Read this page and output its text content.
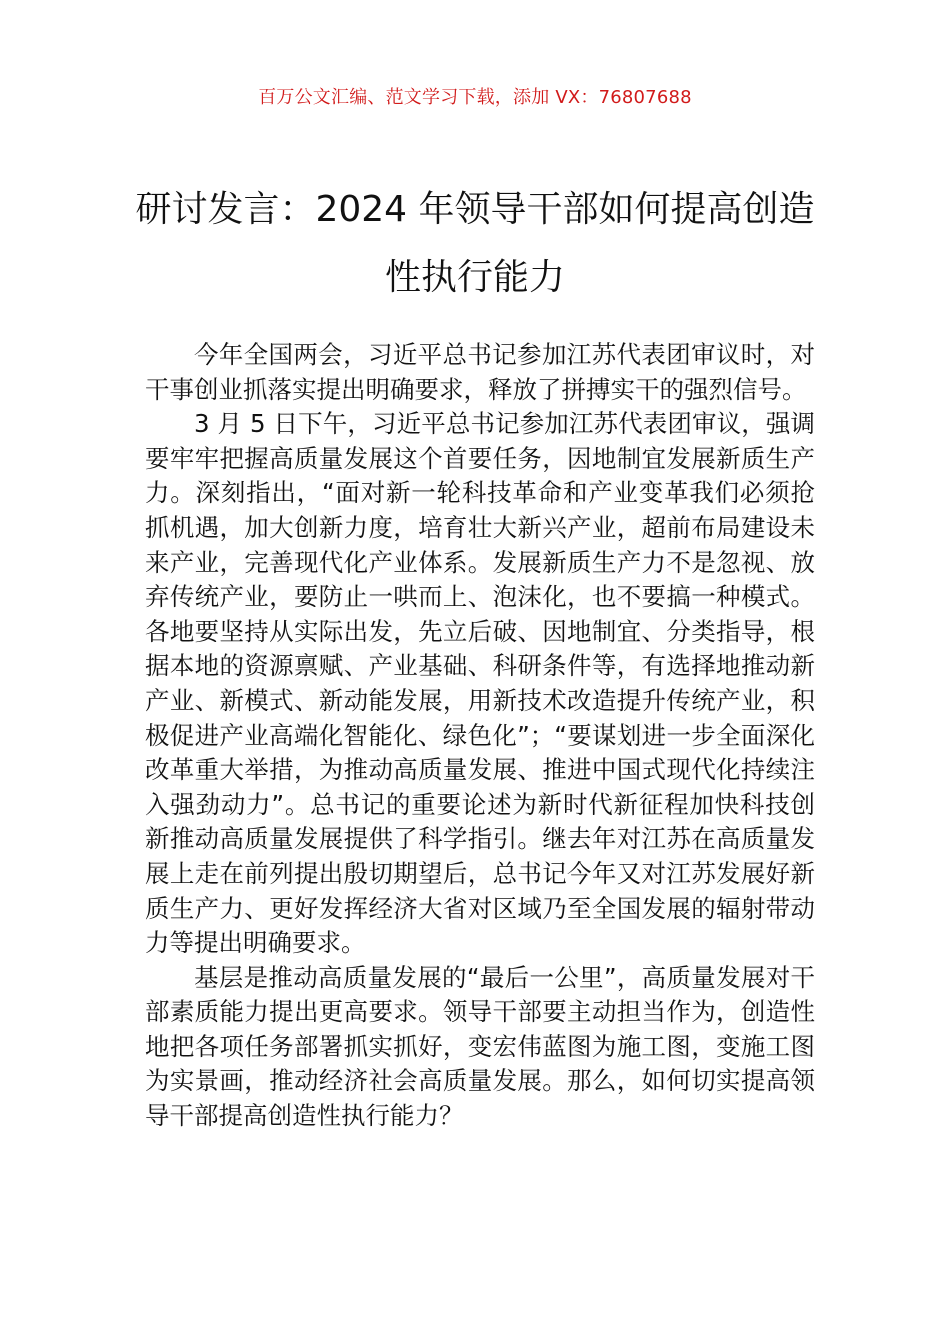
百万公文汇编、范文学习下载，添加 VX：76807688
研讨发言：2024 年领导干部如何提高创造性执行能力

今年全国两会，习近平总书记参加江苏代表团审议时，对干事创业抓落实提出明确要求，释放了拼搏实干的强烈信号。

3 月 5 日下午，习近平总书记参加江苏代表团审议，强调要牢牢把握高质量发展这个首要任务，因地制宜发展新质生产力。深刻指出，“面对新一轮科技革命和产业变革我们必须抢抓机遇，加大创新力度，培育壮大新兴产业，超前布局建设未来产业，完善现代化产业体系。发展新质生产力不是忽视、放弃传统产业，要防止一哄而上、泡沫化，也不要搞一种模式。各地要坚持从实际出发，先立后破、因地制宜、分类指导，根据本地的资源禀赋、产业基础、科研条件等，有选择地推动新产业、新模式、新动能发展，用新技术改造提升传统产业，积极促进产业高端化智能化、绿色化”；“要谋划进一步全面深化改革重大举措，为推动高质量发展、推进中国式现代化持续注入强劲动力”。总书记的重要论述为新时代新征程加快科技创新推动高质量发展提供了科学指引。继去年对江苏在高质量发展上走在前列提出殷切期望后，总书记今年又对江苏发展好新质生产力、更好发挥经济大省对区域乃至全国发展的辐射带动力等提出明确要求。

基层是推动高质量发展的“最后一公里”，高质量发展对干部素质能力提出更高要求。领导干部要主动担当作为，创造性地把各项任务部署抓实抓好，变宏伟蓝图为施工图，变施工图为实景画，推动经济社会高质量发展。那么，如何切实提高领导干部提高创造性执行能力？
